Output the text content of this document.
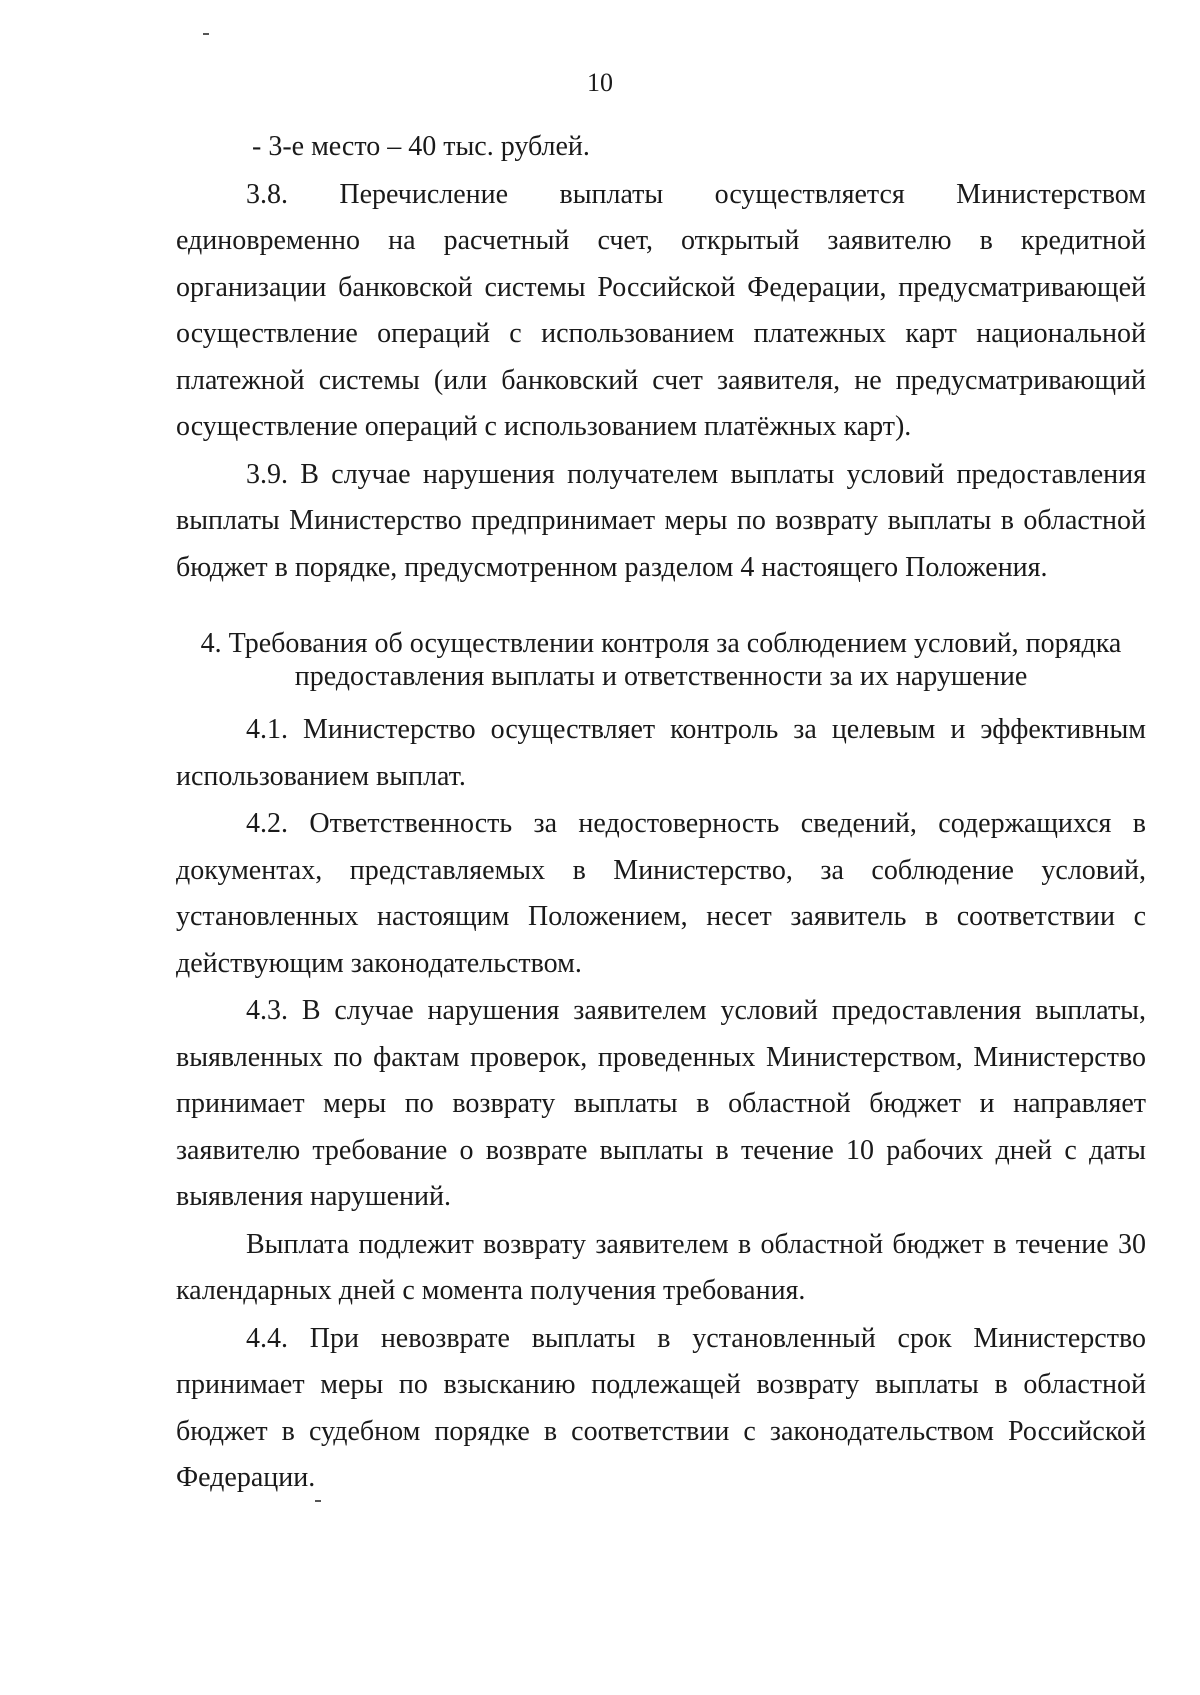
10

- 3-е место – 40 тыс. рублей.

3.8. Перечисление выплаты осуществляется Министерством единовременно на расчетный счет, открытый заявителю в кредитной организации банковской системы Российской Федерации, предусматривающей осуществление операций с использованием платежных карт национальной платежной системы (или банковский счет заявителя, не предусматривающий осуществление операций с использованием платёжных карт).

3.9. В случае нарушения получателем выплаты условий предоставления выплаты Министерство предпринимает меры по возврату выплаты в областной бюджет в порядке, предусмотренном разделом 4 настоящего Положения.

4. Требования об осуществлении контроля за соблюдением условий, порядка
предоставления выплаты и ответственности за их нарушение

4.1. Министерство осуществляет контроль за целевым и эффективным использованием выплат.

4.2. Ответственность за недостоверность сведений, содержащихся в документах, представляемых в Министерство, за соблюдение условий, установленных настоящим Положением, несет заявитель в соответствии с действующим законодательством.

4.3. В случае нарушения заявителем условий предоставления выплаты, выявленных по фактам проверок, проведенных Министерством, Министерство принимает меры по возврату выплаты в областной бюджет и направляет заявителю требование о возврате выплаты в течение 10 рабочих дней с даты выявления нарушений.

Выплата подлежит возврату заявителем в областной бюджет в течение 30 календарных дней с момента получения требования.

4.4. При невозврате выплаты в установленный срок Министерство принимает меры по взысканию подлежащей возврату выплаты в областной бюджет в судебном порядке в соответствии с законодательством Российской Федерации.
